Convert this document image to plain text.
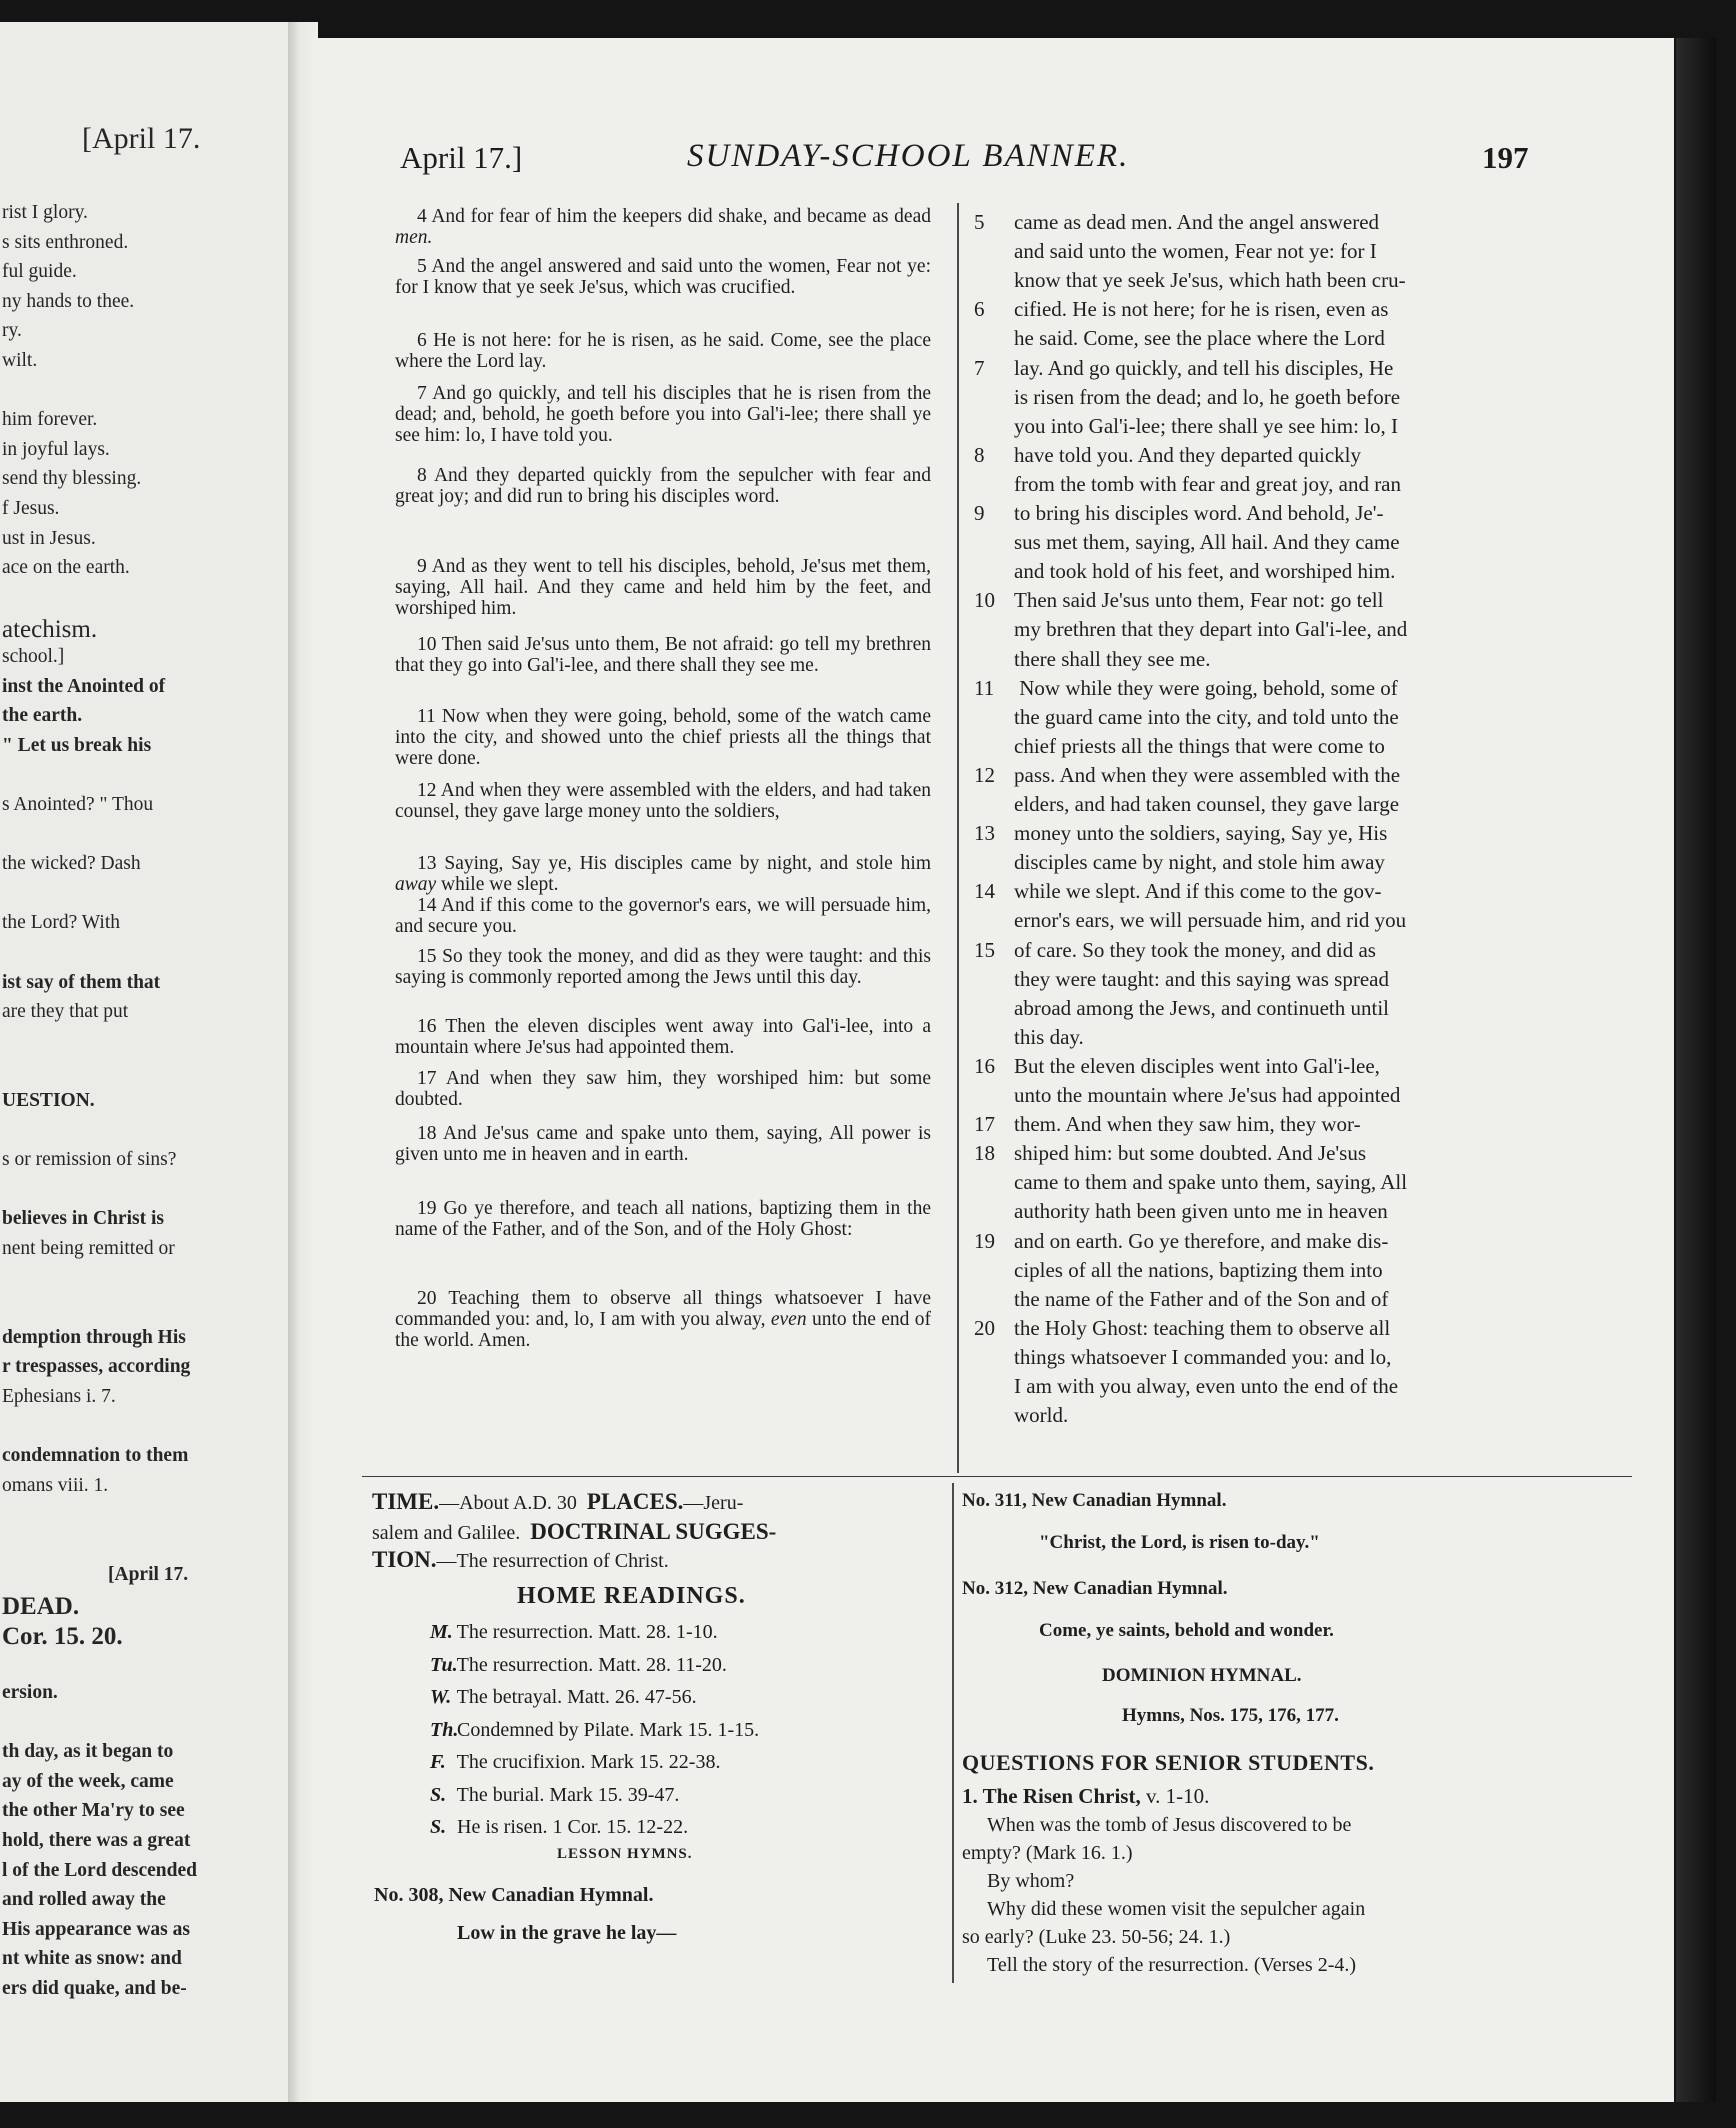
[April 17.
rist I glory.
s sits enthroned.
ful guide.
ny hands to thee.
ry.
wilt.
him forever.
in joyful lays.
send thy blessing.
f Jesus.
ust in Jesus.
ace on the earth.
atechism.
school.]
inst the Anointed of
the earth.
" Let us break his
s Anointed? " Thou
the wicked? Dash
the Lord? With
ist say of them that
are they that put
UESTION.
s or remission of sins?
believes in Christ is
nent being remitted or
demption through His
r trespasses, according
Ephesians i. 7.
condemnation to them
omans viii. 1.
[April 17.
DEAD.
Cor. 15. 20.
ersion.
th day, as it began to
ay of the week, came
the other Ma'ry to see
hold, there was a great
l of the Lord descended
and rolled away the
His appearance was as
nt white as snow: and
ers did quake, and be-
April 17.]	SUNDAY-SCHOOL BANNER.	197
4 And for fear of him the keepers did shake, and became as dead men.
5 And the angel answered and said unto the women, Fear not ye: for I know that ye seek Je'sus, which was crucified.
6 He is not here: for he is risen, as he said. Come, see the place where the Lord lay.
7 And go quickly, and tell his disciples that he is risen from the dead; and, behold, he goeth before you into Gal'i-lee; there shall ye see him: lo, I have told you.
8 And they departed quickly from the sepulcher with fear and great joy; and did run to bring his disciples word.
9 And as they went to tell his disciples, behold, Je'sus met them, saying, All hail. And they came and held him by the feet, and worshiped him.
10 Then said Je'sus unto them, Be not afraid: go tell my brethren that they go into Gal'i-lee, and there shall they see me.
11 Now when they were going, behold, some of the watch came into the city, and showed unto the chief priests all the things that were done.
12 And when they were assembled with the elders, and had taken counsel, they gave large money unto the soldiers,
13 Saying, Say ye, His disciples came by night, and stole him away while we slept.
14 And if this come to the governor's ears, we will persuade him, and secure you.
15 So they took the money, and did as they were taught: and this saying is commonly reported among the Jews until this day.
16 Then the eleven disciples went away into Gal'i-lee, into a mountain where Je'sus had appointed them.
17 And when they saw him, they worshiped him: but some doubted.
18 And Je'sus came and spake unto them, saying, All power is given unto me in heaven and in earth.
19 Go ye therefore, and teach all nations, baptizing them in the name of the Father, and of the Son, and of the Holy Ghost:
20 Teaching them to observe all things whatsoever I have commanded you: and, lo, I am with you alway, even unto the end of the world. Amen.
5 came as dead men. And the angel answered
and said unto the women, Fear not ye: for I
know that ye seek Je'sus, which hath been cru-
6 cified. He is not here; for he is risen, even as
he said. Come, see the place where the Lord
7 lay. And go quickly, and tell his disciples, He
is risen from the dead; and lo, he goeth before
you into Gal'i-lee; there shall ye see him: lo, I
8 have told you. And they departed quickly
from the tomb with fear and great joy, and ran
9 to bring his disciples word. And behold, Je'-
sus met them, saying, All hail. And they came
and took hold of his feet, and worshiped him.
10 Then said Je'sus unto them, Fear not: go tell
my brethren that they depart into Gal'i-lee, and
there shall they see me.
11 Now while they were going, behold, some of
the guard came into the city, and told unto the
chief priests all the things that were come to
12 pass. And when they were assembled with the
elders, and had taken counsel, they gave large
13 money unto the soldiers, saying, Say ye, His
disciples came by night, and stole him away
14 while we slept. And if this come to the gov-
ernor's ears, we will persuade him, and rid you
15 of care. So they took the money, and did as
they were taught: and this saying was spread
abroad among the Jews, and continueth until
this day.
16 But the eleven disciples went into Gal'i-lee,
unto the mountain where Je'sus had appointed
17 them. And when they saw him, they wor-
18 shiped him: but some doubted. And Je'sus
came to them and spake unto them, saying, All
authority hath been given unto me in heaven
19 and on earth. Go ye therefore, and make dis-
ciples of all the nations, baptizing them into
the name of the Father and of the Son and of
20 the Holy Ghost: teaching them to observe all
things whatsoever I commanded you: and lo,
I am with you alway, even unto the end of the
world.
TIME.—About A.D. 30 PLACES.—Jeru-
salem and Galilee. DOCTRINAL SUGGES-
TION.—The resurrection of Christ.
HOME READINGS.
M. The resurrection. Matt. 28. 1-10.
Tu. The resurrection. Matt. 28. 11-20.
W. The betrayal. Matt. 26. 47-56.
Th. Condemned by Pilate. Mark 15. 1-15.
F. The crucifixion. Mark 15. 22-38.
S. The burial. Mark 15. 39-47.
S. He is risen. 1 Cor. 15. 12-22.
LESSON HYMNS.
No. 308, New Canadian Hymnal.
Low in the grave he lay—
No. 311, New Canadian Hymnal.
"Christ, the Lord, is risen to-day."
No. 312, New Canadian Hymnal.
Come, ye saints, behold and wonder.
DOMINION HYMNAL.
Hymns, Nos. 175, 176, 177.
QUESTIONS FOR SENIOR STUDENTS.
1. The Risen Christ, v. 1-10.
When was the tomb of Jesus discovered to be
empty? (Mark 16. 1.)
By whom?
Why did these women visit the sepulcher again
so early? (Luke 23. 50-56; 24. 1.)
Tell the story of the resurrection. (Verses 2-4.)
